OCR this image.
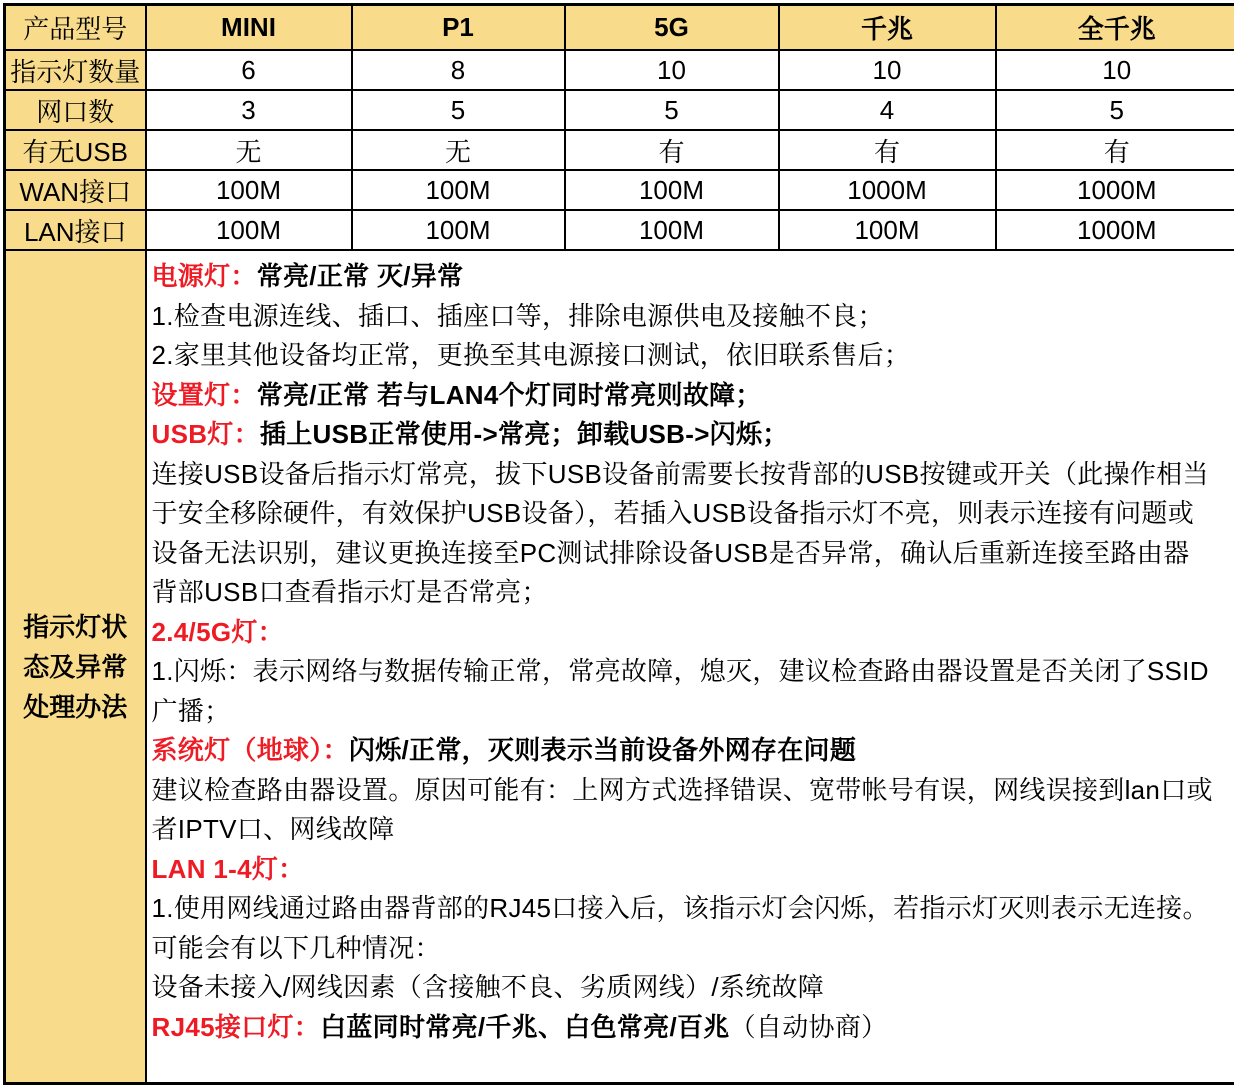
产品型号	MINI	P1	5G	千兆	全千兆
指示灯数量	6	8	10	10	10
网口数	3	5	5	4	5
有无USB	无	无	有	有	有
WAN接口	100M	100M	100M	1000M	1000M
LAN接口	100M	100M	100M	100M	1000M

指示灯状
态及异常
处理办法

电源灯：常亮/正常 灭/异常

1.检查电源连线、插口、插座口等，排除电源供电及接触不良；

2.家里其他设备均正常，更换至其电源接口测试，依旧联系售后；

设置灯：常亮/正常 若与LAN4个灯同时常亮则故障；

USB灯：插上USB正常使用->常亮；卸载USB->闪烁；

连接USB设备后指示灯常亮，拔下USB设备前需要长按背部的USB按键或开关（此操作相当于安全移除硬件，有效保护USB设备），若插入USB设备指示灯不亮，则表示连接有问题或设备无法识别，建议更换连接至PC测试排除设备USB是否异常，确认后重新连接至路由器背部USB口查看指示灯是否常亮；

2.4/5G灯：

1.闪烁：表示网络与数据传输正常，常亮故障，熄灭，建议检查路由器设置是否关闭了SSID广播；

系统灯（地球）：闪烁/正常，灭则表示当前设备外网存在问题

建议检查路由器设置。原因可能有：上网方式选择错误、宽带帐号有误，网线误接到lan口或者IPTV口、网线故障

LAN 1-4灯：

1.使用网线通过路由器背部的RJ45口接入后，该指示灯会闪烁，若指示灯灭则表示无连接。可能会有以下几种情况：

设备未接入/网线因素（含接触不良、劣质网线）/系统故障

RJ45接口灯：白蓝同时常亮/千兆、白色常亮/百兆（自动协商）
